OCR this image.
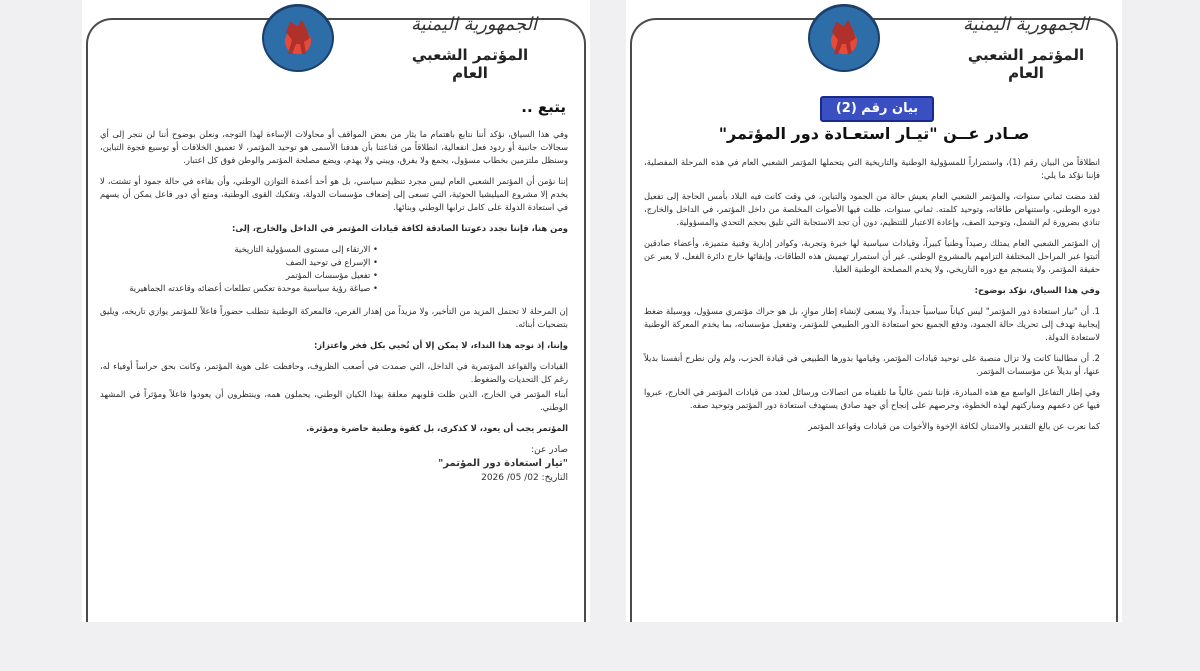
الجمهورية اليمنية
المؤتمر الشعبي العام
يتبع ..

وفي هذا السياق، نؤكد أننا نتابع باهتمام ما يثار من بعض المواقف أو محاولات الإساءة لهذا التوجه، ونعلن بوضوح أننا لن ننجر إلى أي سجالات جانبية أو ردود فعل انفعالية، انطلاقاً من قناعتنا بأن هدفنا الأسمى هو توحيد المؤتمر، لا تعميق الخلافات أو توسيع فجوة التباين، وسنظل ملتزمين بخطاب مسؤول، يجمع ولا يفرق، ويبني ولا يهدم، ويضع مصلحة المؤتمر والوطن فوق كل اعتبار.

إننا نؤمن أن المؤتمر الشعبي العام ليس مجرد تنظيم سياسي، بل هو أحد أعمدة التوازن الوطني، وأن بقاءه في حالة جمود أو تشتت، لا يخدم إلا مشروع الميليشيا الحوثية، التي تسعى إلى إضعاف مؤسسات الدولة، وتفكيك القوى الوطنية، ومنع أي دور فاعل يمكن أن يسهم في استعادة الدولة على كامل ترابها الوطني وبنائها.

ومن هنا، فإننا نجدد دعوتنا الصادقة لكافة قيادات المؤتمر في الداخل والخارج، إلى:

• الارتقاء إلى مستوى المسؤولية التاريخية
• الإسراع في توحيد الصف
• تفعيل مؤسسات المؤتمر
• صياغة رؤية سياسية موحدة تعكس تطلعات أعضائه وقاعدته الجماهيرية

إن المرحلة لا تحتمل المزيد من التأخير، ولا مزيداً من إهدار الفرص، فالمعركة الوطنية تتطلب حضوراً فاعلاً للمؤتمر يوازي تاريخه، ويليق بتضحيات أبنائه.

وإننا، إذ نوجه هذا النداء، لا يمكن إلا أن نُحيي بكل فخر واعتزاز:

القيادات والقواعد المؤتمرية في الداخل، التي صمدت في أصعب الظروف، وحافظت على هوية المؤتمر، وكانت بحق حراساً أوفياء له، رغم كل التحديات والضغوط.

أبناء المؤتمر في الخارج، الذين ظلت قلوبهم معلقة بهذا الكيان الوطني، يحملون همه، وينتظرون أن يعودوا فاعلاً ومؤثراً في المشهد الوطني.

المؤتمر يجب أن يعود، لا كذكرى، بل كقوة وطنية حاضرة ومؤثرة.

صادر عن:
"تيار استعادة دور المؤتمر"
التاريخ: 02/ 05/ 2026
الجمهورية اليمنية
المؤتمر الشعبي العام
بيان رقم (2)
صـادر عــن "تيـار استعـادة دور المؤتمر"

انطلاقاً من البيان رقم (1)، واستمراراً للمسؤولية الوطنية والتاريخية التي يتحملها المؤتمر الشعبي العام في هذه المرحلة المفصلية، فإننا نؤكد ما يلي:

لقد مضت ثماني سنوات، والمؤتمر الشعبي العام يعيش حالة من الجمود والتباين، في وقت كانت فيه البلاد بأمس الحاجة إلى تفعيل دوره الوطني، واستنهاض طاقاته، وتوحيد كلمته. ثماني سنوات، ظلت فيها الأصوات المخلصة من داخل المؤتمر، في الداخل والخارج، تنادي بضرورة لم الشمل، وتوحيد الصف، وإعادة الاعتبار للتنظيم، دون أن تجد الاستجابة التي تليق بحجم التحدي والمسؤولية.

إن المؤتمر الشعبي العام يمتلك رصيداً وطنياً كبيراً، وقيادات سياسية لها خبرة وتجربة، وكوادر إدارية وفنية متميزة، وأعضاء صادقين أثبتوا عبر المراحل المختلفة التزامهم بالمشروع الوطني. غير أن استمرار تهميش هذه الطاقات، وإبقائها خارج دائرة الفعل، لا يعبر عن حقيقة المؤتمر، ولا ينسجم مع دوره التاريخي، ولا يخدم المصلحة الوطنية العليا.

وفي هذا السياق، نؤكد بوضوح:

1. أن "تيار استعادة دور المؤتمر" ليس كياناً سياسياً جديداً، ولا يسعى لإنشاء إطار موازٍ، بل هو حراك مؤتمري مسؤول، ووسيلة ضغط إيجابية تهدف إلى تحريك حالة الجمود، ودفع الجميع نحو استعادة الدور الطبيعي للمؤتمر، وتفعيل مؤسساته، بما يخدم المعركة الوطنية لاستعادة الدولة.

2. أن مطالبنا كانت ولا تزال منصبة على توحيد قيادات المؤتمر، وقيامها بدورها الطبيعي في قيادة الحزب، ولم ولن نطرح أنفسنا بديلاً عنها، أو بديلاً عن مؤسسات المؤتمر.

وفي إطار التفاعل الواسع مع هذه المبادرة، فإننا نثمن عالياً ما تلقيناه من اتصالات ورسائل لعدد من قيادات المؤتمر في الخارج، عبروا فيها عن دعمهم ومباركتهم لهذه الخطوة، وحرصهم على إنجاح أي جهد صادق يستهدف استعادة دور المؤتمر وتوحيد صفه.

كما نعرب عن بالغ التقدير والامتنان لكافة الإخوة والأخوات من قيادات وقواعد المؤتمر
